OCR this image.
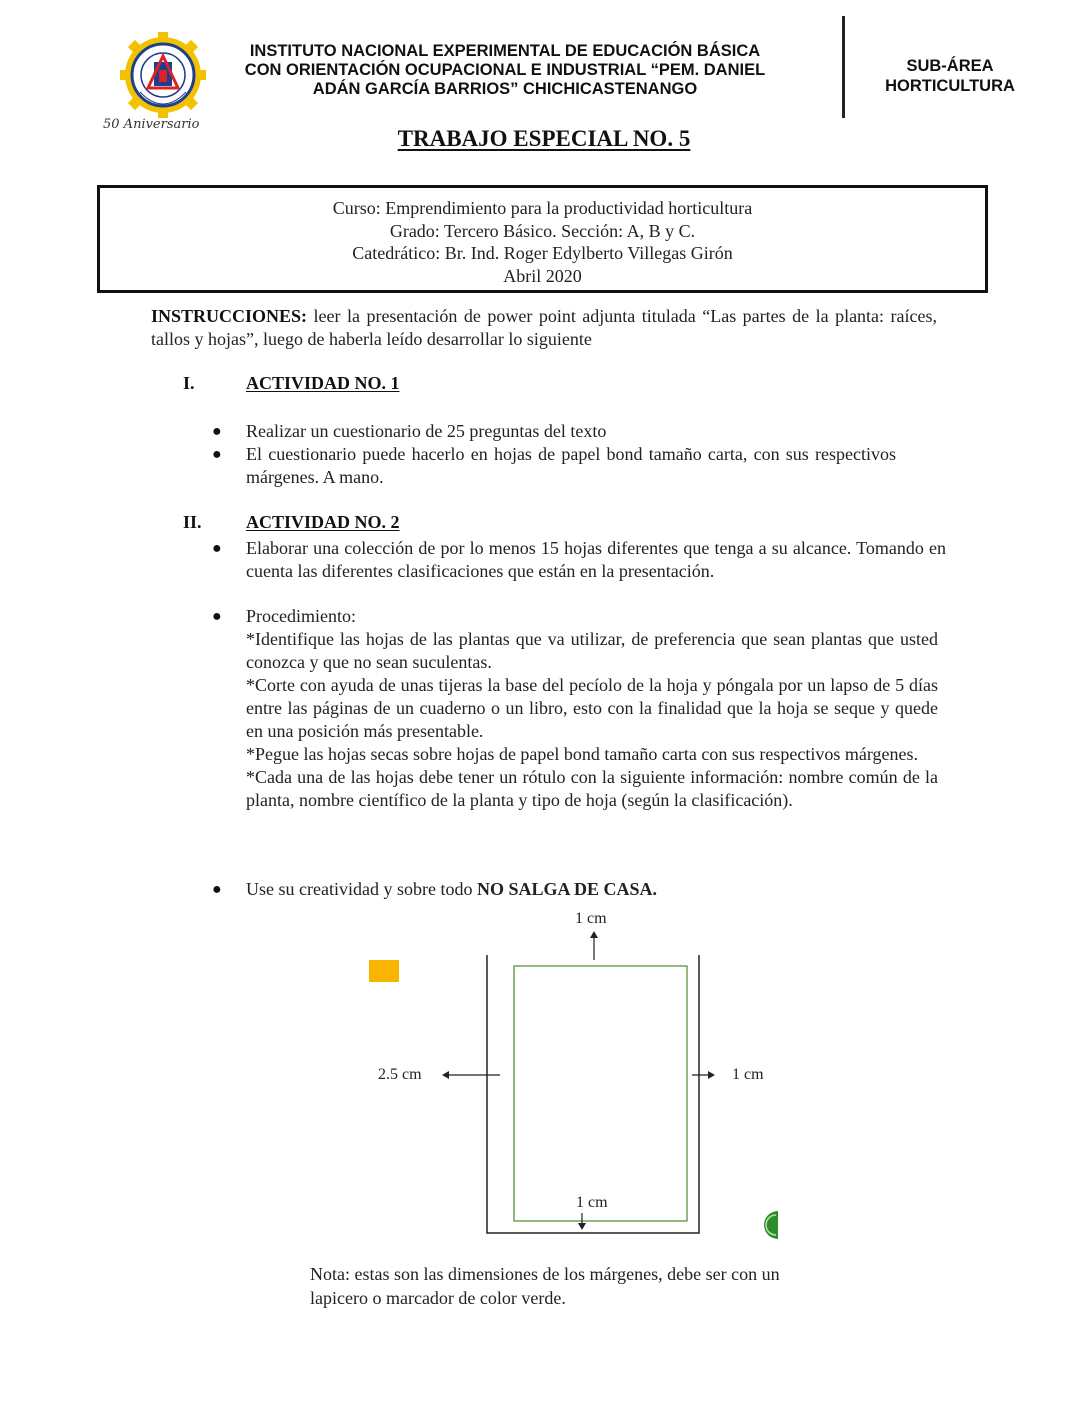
50 Aniversario
INSTITUTO NACIONAL EXPERIMENTAL DE EDUCACIÓN BÁSICA
CON ORIENTACIÓN OCUPACIONAL E INDUSTRIAL “PEM. DANIEL
ADÁN GARCÍA BARRIOS” CHICHICASTENANGO
SUB-ÁREA
HORTICULTURA
TRABAJO ESPECIAL NO. 5
Curso: Emprendimiento para la productividad horticultura
Grado: Tercero Básico. Sección: A, B y C.
Catedrático: Br. Ind. Roger Edylberto Villegas Girón
Abril 2020
INSTRUCCIONES: leer la presentación de power point adjunta titulada “Las partes de la planta: raíces, tallos y hojas”, luego de haberla leído desarrollar lo siguiente
I.	ACTIVIDAD NO. 1
● Realizar un cuestionario de 25 preguntas del texto
● El cuestionario puede hacerlo en hojas de papel bond tamaño carta, con sus respectivos márgenes. A mano.
II. ACTIVIDAD NO. 2
● Elaborar una colección de por lo menos 15 hojas diferentes que tenga a su alcance. Tomando en cuenta las diferentes clasificaciones que están en la presentación.
● Procedimiento:
*Identifique las hojas de las plantas que va utilizar, de preferencia que sean plantas que usted conozca y que no sean suculentas.
*Corte con ayuda de unas tijeras la base del pecíolo de la hoja y póngala por un lapso de 5 días entre las páginas de un cuaderno o un libro, esto con la finalidad que la hoja se seque y quede en una posición más presentable.
*Pegue las hojas secas sobre hojas de papel bond tamaño carta con sus respectivos márgenes.
*Cada una de las hojas debe tener un rótulo con la siguiente información: nombre común de la planta, nombre científico de la planta y tipo de hoja (según la clasificación).
● Use su creatividad y sobre todo NO SALGA DE CASA.
1 cm
2.5 cm	1 cm
1 cm
Nota: estas son las dimensiones de los márgenes, debe ser con un
lapicero o marcador de color verde.
